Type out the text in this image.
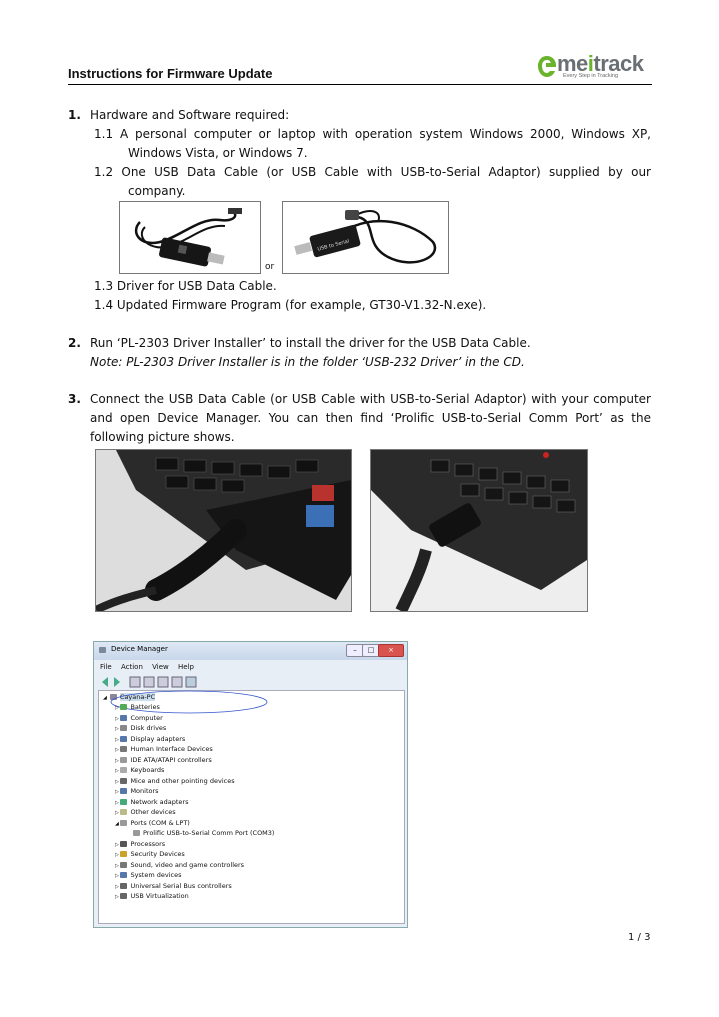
Instructions for Firmware Update	meitrack
Every Step in Tracking
1. Hardware and Software required:
1.1 A personal computer or laptop with operation system Windows 2000, Windows XP,
Windows Vista, or Windows 7.
1.2 One USB Data Cable (or USB Cable with USB-to-Serial Adaptor) supplied by our
company.
or
USB to Serial
1.3 Driver for USB Data Cable.
1.4 Updated Firmware Program (for example, GT30-V1.32-N.exe).
2. Run ‘PL-2303 Driver Installer’ to install the driver for the USB Data Cable.
Note: PL-2303 Driver Installer is in the folder ‘USB-232 Driver’ in the CD.
3. Connect the USB Data Cable (or USB Cable with USB-to-Serial Adaptor) with your computer
and open Device Manager. You can then find ‘Prolific USB-to-Serial Comm Port’ as the
following picture shows.
Device Manager	–	□	×
File Action View Help
◢ Cayana-PC
▷ Batteries
▷ Computer
▷ Disk drives
▷ Display adapters
▷ Human Interface Devices
▷ IDE ATA/ATAPI controllers
▷ Keyboards
▷ Mice and other pointing devices
▷ Monitors
▷ Network adapters
▷ Other devices
◢ Ports (COM & LPT)
Prolific USB-to-Serial Comm Port (COM3)
▷ Processors
▷ Security Devices
▷ Sound, video and game controllers
▷ System devices
▷ Universal Serial Bus controllers
▷ USB Virtualization
1 / 3
